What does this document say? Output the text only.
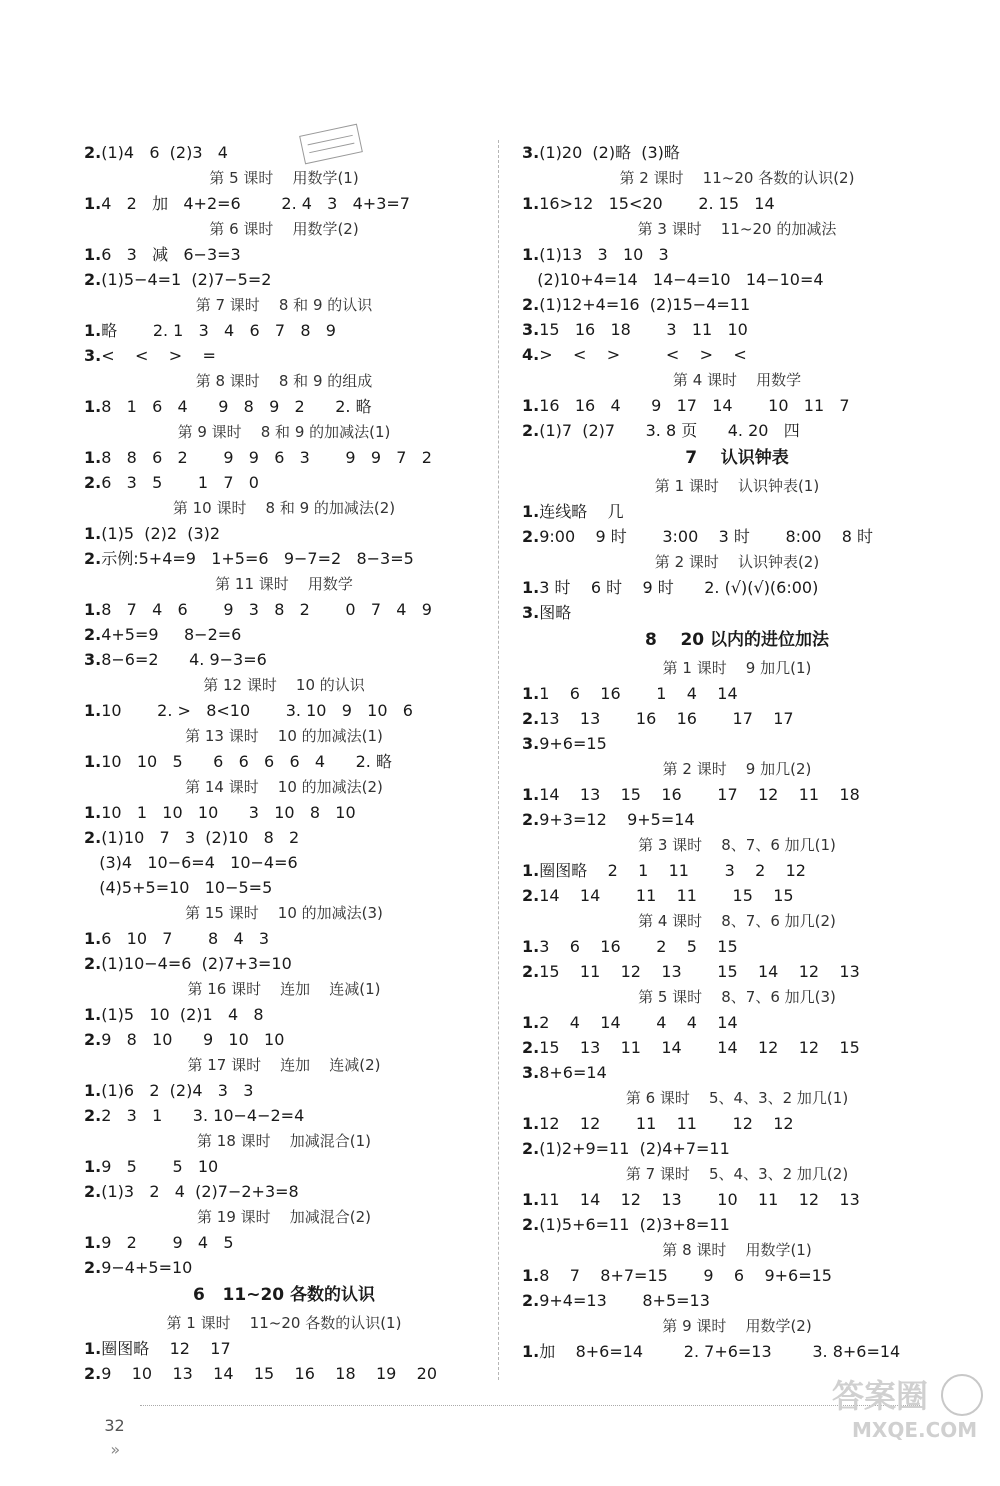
2.(1)4   6  (2)3   4
第 5 课时    用数学(1)
1.4   2   加   4+2=6        2. 4   3   4+3=7
第 6 课时    用数学(2)
1.6   3   减   6−3=3
2.(1)5−4=1  (2)7−5=2
第 7 课时    8 和 9 的认识
1.略       2. 1   3   4   6   7   8   9
3.<    <    >    =
第 8 课时    8 和 9 的组成
1.8   1   6   4      9   8   9   2      2. 略
第 9 课时    8 和 9 的加减法(1)
1.8   8   6   2       9   9   6   3       9   9   7   2
2.6   3   5       1   7   0
第 10 课时    8 和 9 的加减法(2)
1.(1)5  (2)2  (3)2
2.示例:5+4=9   1+5=6   9−7=2   8−3=5
第 11 课时    用数学
1.8   7   4   6       9   3   8   2       0   7   4   9
2.4+5=9     8−2=6
3.8−6=2      4. 9−3=6
第 12 课时    10 的认识
1.10       2. >   8<10       3. 10   9   10   6
第 13 课时    10 的加减法(1)
1.10   10   5      6   6   6   6   4      2. 略
第 14 课时    10 的加减法(2)
1.10   1   10   10      3   10   8   10
2.(1)10   7   3  (2)10   8   2
(3)4   10−6=4   10−4=6
(4)5+5=10   10−5=5
第 15 课时    10 的加减法(3)
1.6   10   7       8   4   3
2.(1)10−4=6  (2)7+3=10
第 16 课时    连加    连减(1)
1.(1)5   10  (2)1   4   8
2.9   8   10      9   10   10
第 17 课时    连加    连减(2)
1.(1)6   2  (2)4   3   3
2.2   3   1      3. 10−4−2=4
第 18 课时    加减混合(1)
1.9   5       5   10
2.(1)3   2   4  (2)7−2+3=8
第 19 课时    加减混合(2)
1.9   2       9   4   5
2.9−4+5=10
6   11~20 各数的认识
第 1 课时    11~20 各数的认识(1)
1.圈图略    12    17
2.9    10    13    14    15    16    18    19    20
3.(1)20  (2)略  (3)略
第 2 课时    11~20 各数的认识(2)
1.16>12   15<20       2. 15   14
第 3 课时    11~20 的加减法
1.(1)13   3   10   3
(2)10+4=14   14−4=10   14−10=4
2.(1)12+4=16  (2)15−4=11
3.15   16   18       3   11   10
4.>    <    >         <    >    <
第 4 课时    用数学
1.16   16   4      9   17   14       10   11   7
2.(1)7  (2)7      3. 8 页      4. 20   四
7    认识钟表
第 1 课时    认识钟表(1)
1.连线略    几
2.9:00    9 时       3:00    3 时       8:00    8 时
第 2 课时    认识钟表(2)
1.3 时    6 时    9 时      2. (√)(√)(6:00)
3.图略
8    20 以内的进位加法
第 1 课时    9 加几(1)
1.1    6    16       1    4    14
2.13    13       16    16       17    17
3.9+6=15
第 2 课时    9 加几(2)
1.14    13    15    16       17    12    11    18
2.9+3=12    9+5=14
第 3 课时    8、7、6 加几(1)
1.圈图略    2    1    11       3    2    12
2.14    14       11    11       15    15
第 4 课时    8、7、6 加几(2)
1.3    6    16       2    5    15
2.15    11    12    13       15    14    12    13
第 5 课时    8、7、6 加几(3)
1.2    4    14       4    4    14
2.15    13    11    14       14    12    12    15
3.8+6=14
第 6 课时    5、4、3、2 加几(1)
1.12    12       11    11       12    12
2.(1)2+9=11  (2)4+7=11
第 7 课时    5、4、3、2 加几(2)
1.11    14    12    13       10    11    12    13
2.(1)5+6=11  (2)3+8=11
第 8 课时    用数学(1)
1.8    7    8+7=15       9    6    9+6=15
2.9+4=13       8+5=13
第 9 课时    用数学(2)
1.加    8+6=14        2. 7+6=13        3. 8+6=14

32
»

答案圈
MXQE.COM
